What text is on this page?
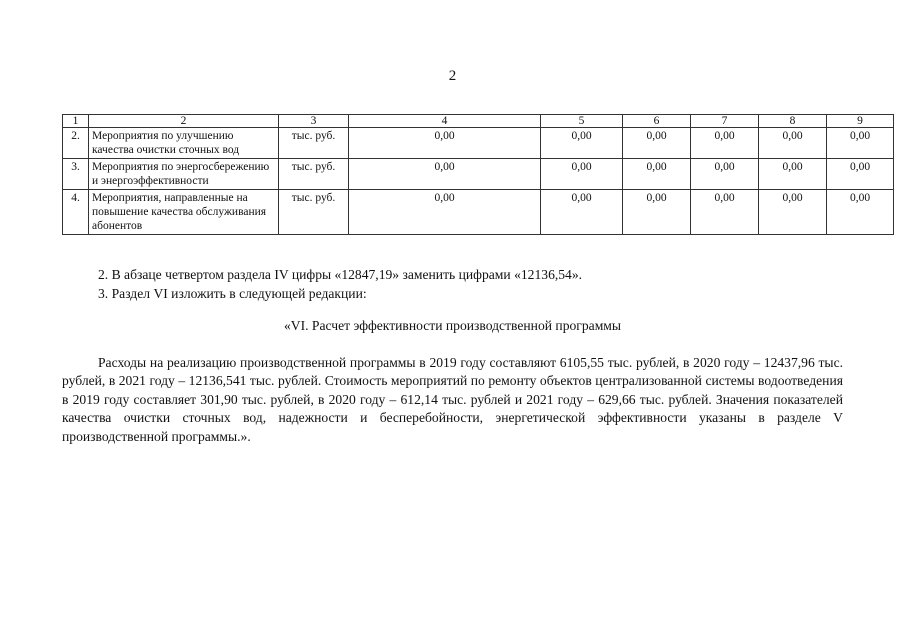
2
1	2	3	4	5	6	7	8	9
2.	Мероприятия по улучшению качества очистки сточных вод	тыс. руб.	0,00	0,00	0,00	0,00	0,00	0,00
3.	Мероприятия по энергосбережению и энергоэффективности	тыс. руб.	0,00	0,00	0,00	0,00	0,00	0,00
4.	Мероприятия, направленные на повышение качества обслуживания абонентов	тыс. руб.	0,00	0,00	0,00	0,00	0,00	0,00
2. В абзаце четвертом раздела IV цифры «12847,19» заменить цифрами «12136,54».
3. Раздел VI изложить в следующей редакции:
«VI. Расчет эффективности производственной программы
Расходы на реализацию производственной программы в 2019 году составляют 6105,55 тыс. рублей, в 2020 году – 12437,96 тыс. рублей, в 2021 году – 12136,541 тыс. рублей. Стоимость мероприятий по ремонту объектов централизованной системы водоотведения в 2019 году составляет 301,90 тыс. рублей, в 2020 году – 612,14 тыс. рублей и 2021 году – 629,66 тыс. рублей. Значения показателей качества очистки сточных вод, надежности и бесперебойности, энергетической эффективности указаны в разделе V производственной программы.».
